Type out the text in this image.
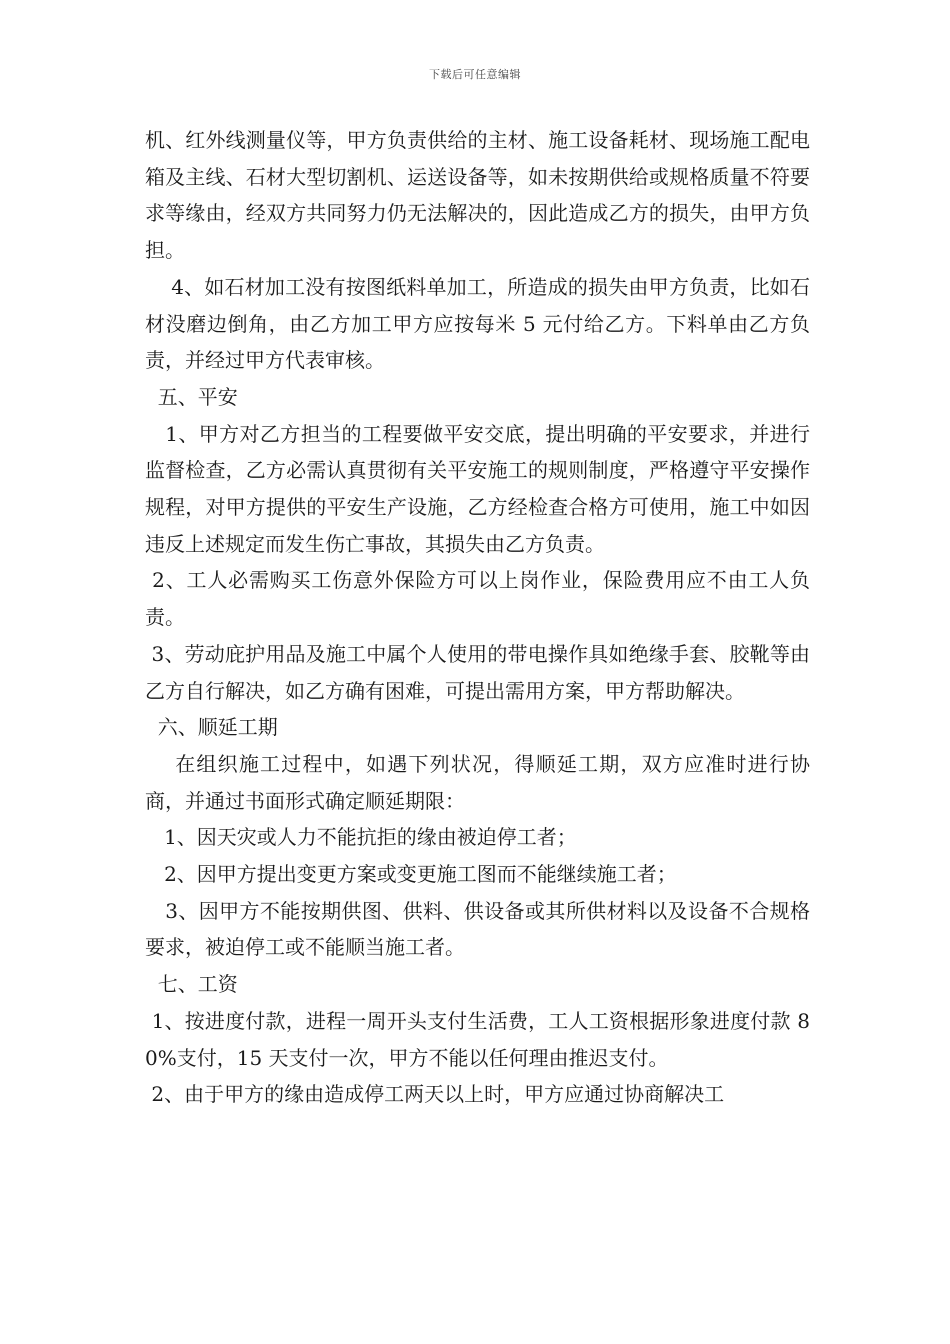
下载后可任意编辑

机、红外线测量仪等，甲方负责供给的主材、施工设备耗材、现场施工配电箱及主线、石材大型切割机、运送设备等，如未按期供给或规格质量不符要求等缘由，经双方共同努力仍无法解决的，因此造成乙方的损失，由甲方负担。

4、如石材加工没有按图纸料单加工，所造成的损失由甲方负责，比如石材没磨边倒角，由乙方加工甲方应按每米 5 元付给乙方。下料单由乙方负责，并经过甲方代表审核。

五、平安

1、甲方对乙方担当的工程要做平安交底，提出明确的平安要求，并进行监督检查，乙方必需认真贯彻有关平安施工的规则制度，严格遵守平安操作规程，对甲方提供的平安生产设施，乙方经检查合格方可使用，施工中如因违反上述规定而发生伤亡事故，其损失由乙方负责。

2、工人必需购买工伤意外保险方可以上岗作业，保险费用应不由工人负责。

3、劳动庇护用品及施工中属个人使用的带电操作具如绝缘手套、胶靴等由乙方自行解决，如乙方确有困难，可提出需用方案，甲方帮助解决。

六、顺延工期

在组织施工过程中，如遇下列状况，得顺延工期，双方应准时进行协商，并通过书面形式确定顺延期限：

1、因天灾或人力不能抗拒的缘由被迫停工者；

2、因甲方提出变更方案或变更施工图而不能继续施工者；

3、因甲方不能按期供图、供料、供设备或其所供材料以及设备不合规格要求，被迫停工或不能顺当施工者。

七、工资

1、按进度付款，进程一周开头支付生活费，工人工资根据形象进度付款 80%支付，15 天支付一次，甲方不能以任何理由推迟支付。

2、由于甲方的缘由造成停工两天以上时，甲方应通过协商解决工
